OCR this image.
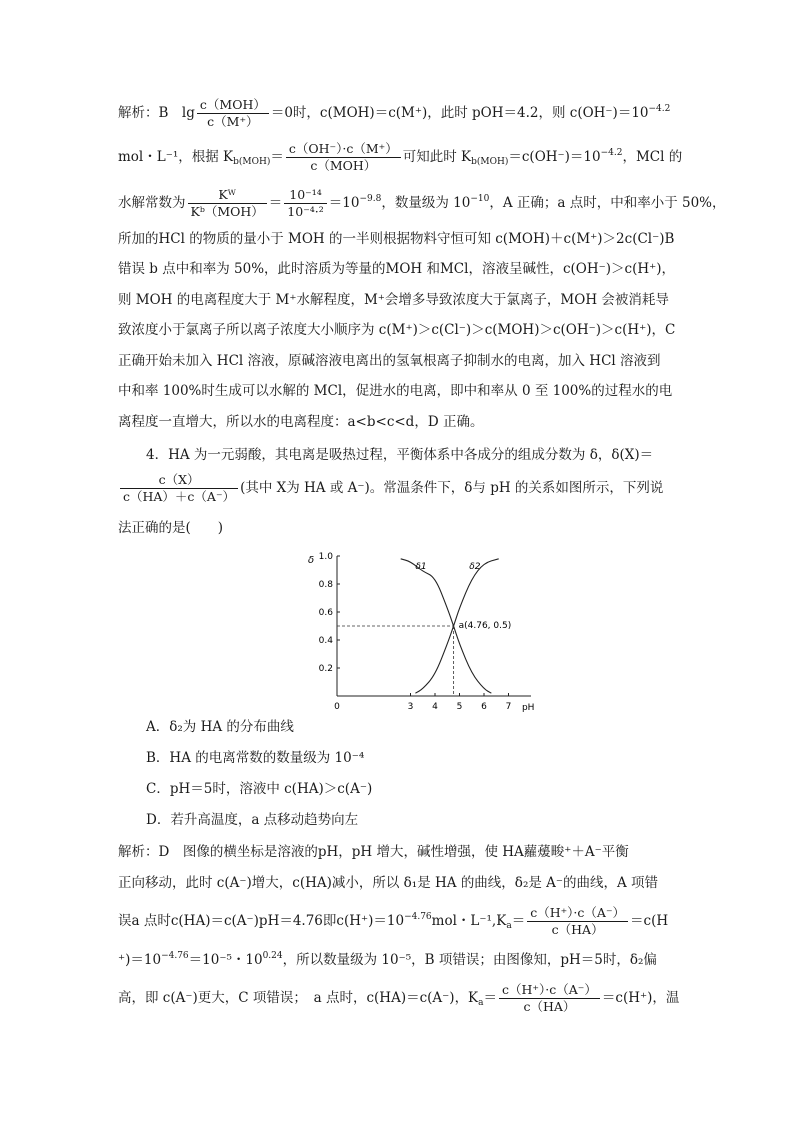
解析：B　$\lg \frac{\text{c（MOH）}}{c(M^+)} =0$时，c(MOH)＝c(M⁺)，此时 pOH＝4.2，则 $c(OH^-)=10^{-4.2}$
mol・L⁻¹，根据 $K_{b(MOH)}= \frac{c(OH^-)\cdot c(M^+)}{\text{c（MOH）}}$ 可知此时 $K_{b(MOH)}=c(OH^-)=10^{-4.2}$，MCl 的
水解常数为 $\frac{\text{Kᵂ}}{\text{Kᵇ（MOH）}} = \frac{\text{10⁻¹⁴}}{\text{10⁻⁴·²}} =10^{-9.8}$，数量级为 $10^{-10}$，A 正确；a 点时，中和率小于 50%，
所加的HCl 的物质的量小于 MOH 的一半则根据物料守恒可知 c(MOH)＋c(M⁺)＞2c(Cl⁻)B
错误 b 点中和率为 50%，此时溶质为等量的MOH 和MCl，溶液呈碱性，c(OH⁻)＞c(H⁺)，
则 MOH 的电离程度大于 M⁺水解程度，M⁺会增多导致浓度大于氯离子，MOH 会被消耗导
致浓度小于氯离子所以离子浓度大小顺序为 c(M⁺)＞c(Cl⁻)＞c(MOH)＞c(OH⁻)＞c(H⁺)，C
正确开始未加入 HCl 溶液，原碱溶液电离出的氢氧根离子抑制水的电离，加入 HCl 溶液到
中和率 100%时生成可以水解的 MCl，促进水的电离，即中和率从 0 至 100%的过程水的电
离程度一直增大，所以水的电离程度：a<b<c<d，D 正确。
4．HA 为一元弱酸，其电离是吸热过程，平衡体系中各成分的组成分数为 δ，δ(X)＝
$\frac{c(X)}{c(HA)+c(A^-)}$ (其中 X为 HA 或 A⁻)。常温条件下，δ与 pH 的关系如图所示，下列说
法正确的是(　　)
δ
pH
0.2
0.4
0.6
0.8
1.0
0	3 4 5 6 7
δ1	δ2
a(4.76, 0.5)
A．δ₂为 HA 的分布曲线
B．HA 的电离常数的数量级为 10⁻⁴
C．pH＝5时，溶液中 c(HA)＞c(A⁻)
D．若升高温度，a 点移动趋势向左
解析：D　图像的横坐标是溶液的pH，pH 增大，碱性增强，使 HA蘿蕿畯⁺＋A⁻平衡
正向移动，此时 c(A⁻)增大，c(HA)减小，所以 δ₁是 HA 的曲线，δ₂是 A⁻的曲线，A 项错
误a 点时c(HA)＝c(A⁻)pH＝4.76即$c(H^+)=10^{-4.76}mol$・$L^{-1},K_a= \frac{c(H^+)\cdot c(A^-)}{c(HA)} =c(H$
$^+)=10^{-4.76}=10^{-5}$・$10^{0.24}$，所以数量级为 10⁻⁵，B 项错误；由图像知，pH＝5时，δ₂偏
高，即 c(A⁻)更大，C 项错误；　a 点时，c(HA)＝c(A⁻)，$K_a= \frac{c(H^+)\cdot c(A^-)}{c(HA)} =c(H^+)$，温
